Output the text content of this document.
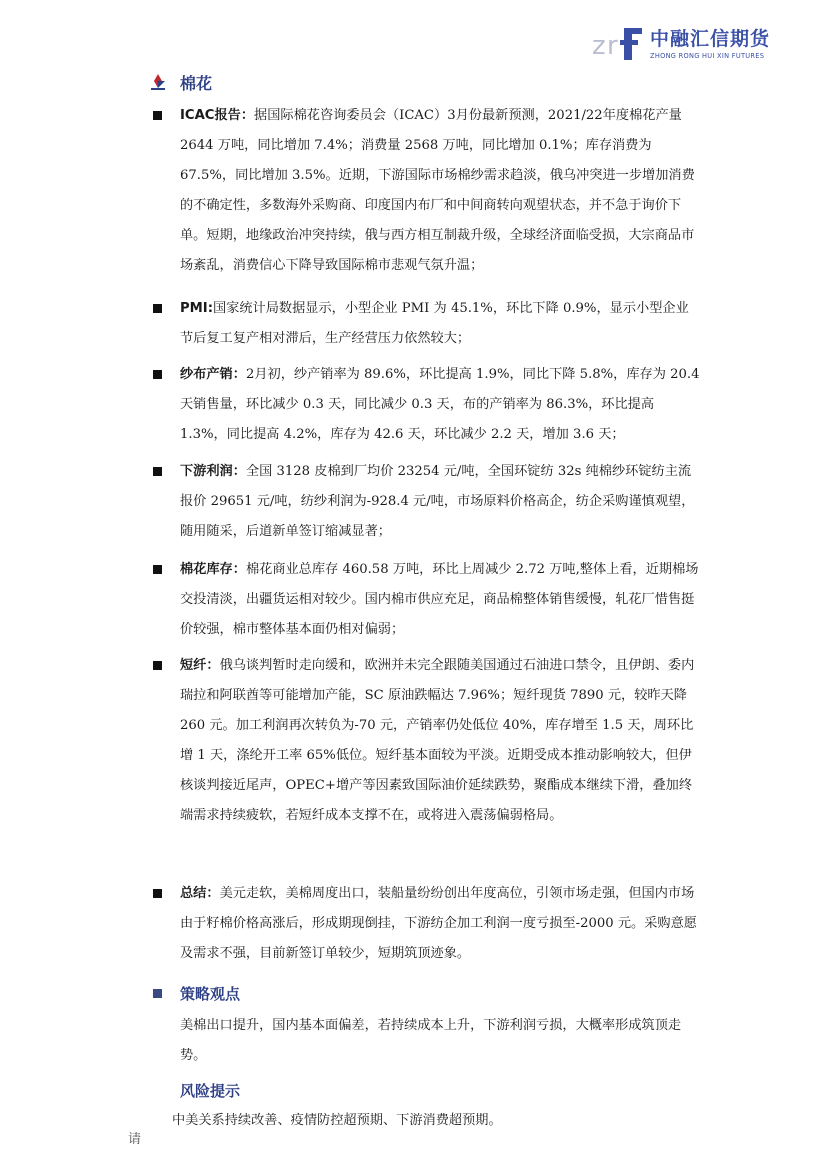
z r 中融汇信期货
ZHONG RONG HUI XIN FUTURES
棉花
ICAC报告：据国际棉花咨询委员会（ICAC）3月份最新预测，2021/22年度棉花产量 2644 万吨，同比增加 7.4%；消费量 2568 万吨，同比增加 0.1%；库存消费为 67.5%，同比增加 3.5%。近期，下游国际市场棉纱需求趋淡，俄乌冲突进一步增加消费的不确定性，多数海外采购商、印度国内布厂和中间商转向观望状态，并不急于询价下单。短期，地缘政治冲突持续，俄与西方相互制裁升级，全球经济面临受损，大宗商品市场紊乱，消费信心下降导致国际棉市悲观气氛升温；
PMI:国家统计局数据显示，小型企业 PMI 为 45.1%，环比下降 0.9%，显示小型企业节后复工复产相对滞后，生产经营压力依然较大；
纱布产销：2月初，纱产销率为 89.6%，环比提高 1.9%，同比下降 5.8%，库存为 20.4 天销售量，环比减少 0.3 天，同比减少 0.3 天，布的产销率为 86.3%，环比提高 1.3%，同比提高 4.2%，库存为 42.6 天，环比减少 2.2 天，增加 3.6 天；
下游利润：全国 3128 皮棉到厂均价 23254 元/吨，全国环锭纺 32s 纯棉纱环锭纺主流报价 29651 元/吨，纺纱利润为-928.4 元/吨，市场原料价格高企，纺企采购谨慎观望，随用随采，后道新单签订缩减显著；
棉花库存：棉花商业总库存 460.58 万吨，环比上周减少 2.72 万吨,整体上看，近期棉场交投清淡，出疆货运相对较少。国内棉市供应充足，商品棉整体销售缓慢，轧花厂惜售挺价较强，棉市整体基本面仍相对偏弱；
短纤：俄乌谈判暂时走向缓和，欧洲并未完全跟随美国通过石油进口禁令，且伊朗、委内瑞拉和阿联酋等可能增加产能，SC 原油跌幅达 7.96%；短纤现货 7890 元，较昨天降 260 元。加工利润再次转负为-70 元，产销率仍处低位 40%，库存增至 1.5 天，周环比增 1 天，涤纶开工率 65%低位。短纤基本面较为平淡。近期受成本推动影响较大，但伊核谈判接近尾声，OPEC+增产等因素致国际油价延续跌势，聚酯成本继续下滑，叠加终端需求持续疲软，若短纤成本支撑不在，或将进入震荡偏弱格局。
总结：美元走软，美棉周度出口，装船量纷纷创出年度高位，引领市场走强，但国内市场由于籽棉价格高涨后，形成期现倒挂，下游纺企加工利润一度亏损至-2000 元。采购意愿及需求不强，目前新签订单较少，短期筑顶迹象。
策略观点
美棉出口提升，国内基本面偏差，若持续成本上升，下游利润亏损，大概率形成筑顶走势。
风险提示
中美关系持续改善、疫情防控超预期、下游消费超预期。
请
